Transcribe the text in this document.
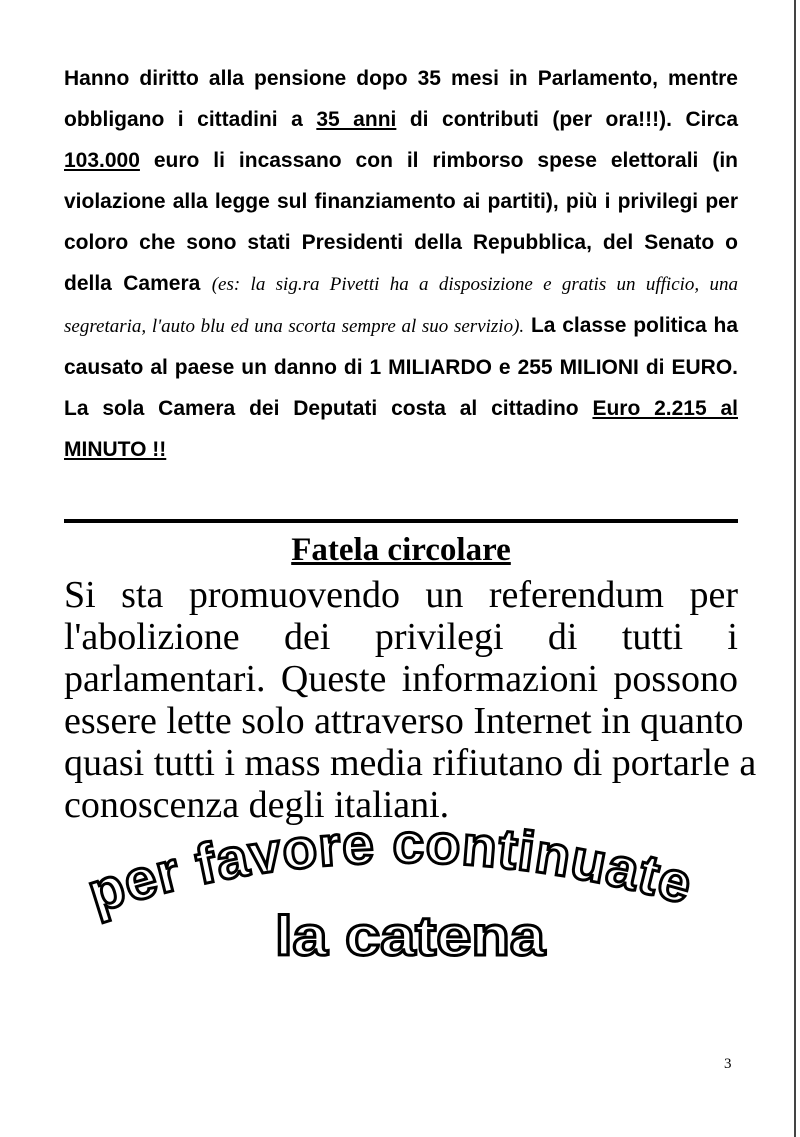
Hanno diritto alla pensione dopo 35 mesi in Parlamento, mentre obbligano i cittadini a 35 anni di contributi (per ora!!!). Circa 103.000 euro li incassano con il rimborso spese elettorali (in violazione alla legge sul finanziamento ai partiti), più i privilegi per coloro che sono stati Presidenti della Repubblica, del Senato o della Camera (es: la sig.ra Pivetti ha a disposizione e gratis un ufficio, una segretaria, l'auto blu ed una scorta sempre al suo servizio). La classe politica ha causato al paese un danno di 1 MILIARDO e 255 MILIONI di EURO. La sola Camera dei Deputati costa al cittadino Euro 2.215 al MINUTO !!
Fatela circolare
Si sta promuovendo un referendum per
l'abolizione dei privilegi di tutti i
parlamentari. Queste informazioni possono
essere lette solo attraverso Internet in quanto
quasi tutti i mass media rifiutano di portarle a
conoscenza degli italiani.
per favore continuate
la catena
3
